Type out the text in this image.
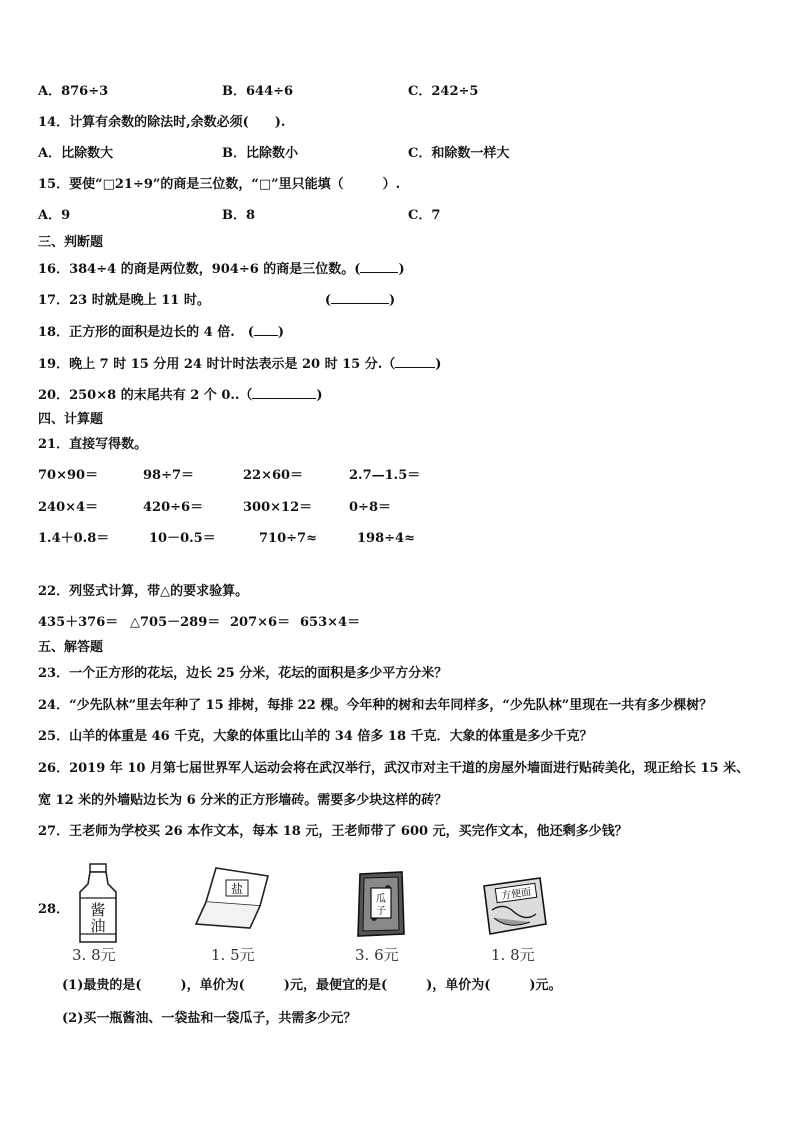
A．876÷3	B．644÷6	C．242÷5
14．计算有余数的除法时,余数必须(　　).
A．比除数大	B．比除数小	C．和除数一样大
15．要使“□21÷9”的商是三位数，“□”里只能填（　　　）.
A．9	B．8	C．7
三、判断题
16．384÷4 的商是两位数，904÷6 的商是三位数。(	)
17．23 时就是晚上 11 时。	(	)
18．正方形的面积是边长的 4 倍.　( )
19．晚上 7 时 15 分用 24 时计时法表示是 20 时 15 分.（	)
20．250×8 的末尾共有 2 个 0..（	)
四、计算题
21．直接写得数。
70×90＝	98÷7＝	22×60＝	2.7—1.5＝
240×4＝	420÷6＝	300×12＝	0÷8＝
1.4＋0.8＝	10－0.5＝	710÷7≈	198÷4≈
22．列竖式计算，带△的要求验算。
435＋376＝ △705－289＝ 207×6＝ 653×4＝
五、解答题
23．一个正方形的花坛，边长 25 分米，花坛的面积是多少平方分米？
24．“少先队林”里去年种了 15 排树，每排 22 棵。今年种的树和去年同样多，“少先队林”里现在一共有多少棵树？
25．山羊的体重是 46 千克，大象的体重比山羊的 34 倍多 18 千克．大象的体重是多少千克？
26．2019 年 10 月第七届世界军人运动会将在武汉举行，武汉市对主干道的房屋外墙面进行贴砖美化，现正给长 15 米、
宽 12 米的外墙贴边长为 6 分米的正方形墙砖。需要多少块这样的砖？
27．王老师为学校买 26 本作文本，每本 18 元，王老师带了 600 元，买完作文本，他还剩多少钱？
28． 酱
油
3. 8元
盐
1. 5元
瓜
子
3. 6元
方便面
1. 8元
(1)最贵的是(　　　)，单价为(　　　)元，最便宜的是(　　　)，单价为(　　　)元。
(2)买一瓶酱油、一袋盐和一袋瓜子，共需多少元？
